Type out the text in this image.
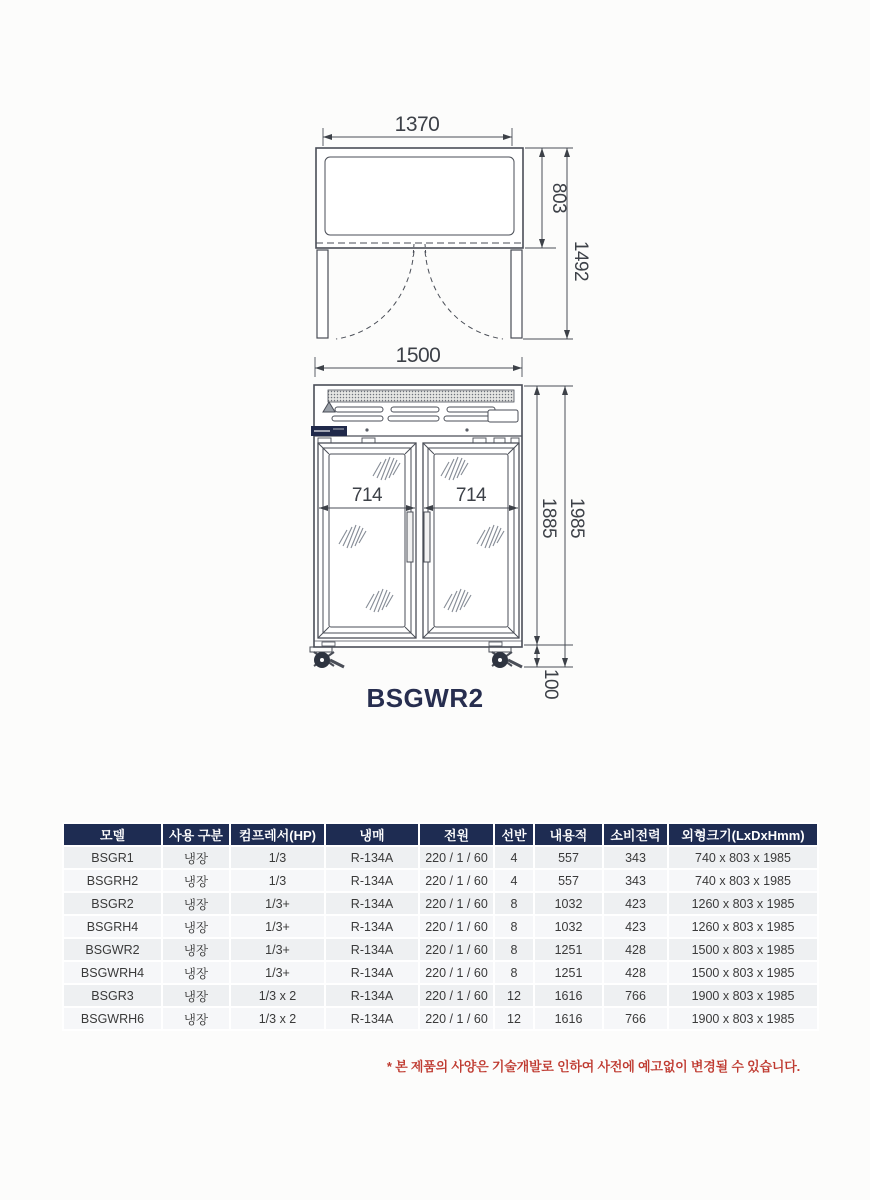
1370
803
1492
1500
714	714
1885 1985
100
BSGWR2
모델	사용 구분	컴프레서(HP)	냉매	전원	선반	내용적	소비전력	외형크기(LxDxHmm)
BSGR1	냉장	1/3	R-134A	220 / 1 / 60	4	557	343	740 x 803 x 1985
BSGRH2	냉장	1/3	R-134A	220 / 1 / 60	4	557	343	740 x 803 x 1985
BSGR2	냉장	1/3+	R-134A	220 / 1 / 60	8	1032	423	1260 x 803 x 1985
BSGRH4	냉장	1/3+	R-134A	220 / 1 / 60	8	1032	423	1260 x 803 x 1985
BSGWR2	냉장	1/3+	R-134A	220 / 1 / 60	8	1251	428	1500 x 803 x 1985
BSGWRH4	냉장	1/3+	R-134A	220 / 1 / 60	8	1251	428	1500 x 803 x 1985
BSGR3	냉장	1/3 x 2	R-134A	220 / 1 / 60	12	1616	766	1900 x 803 x 1985
BSGWRH6	냉장	1/3 x 2	R-134A	220 / 1 / 60	12	1616	766	1900 x 803 x 1985
* 본 제품의 사양은 기술개발로 인하여 사전에 예고없이 변경될 수 있습니다.
